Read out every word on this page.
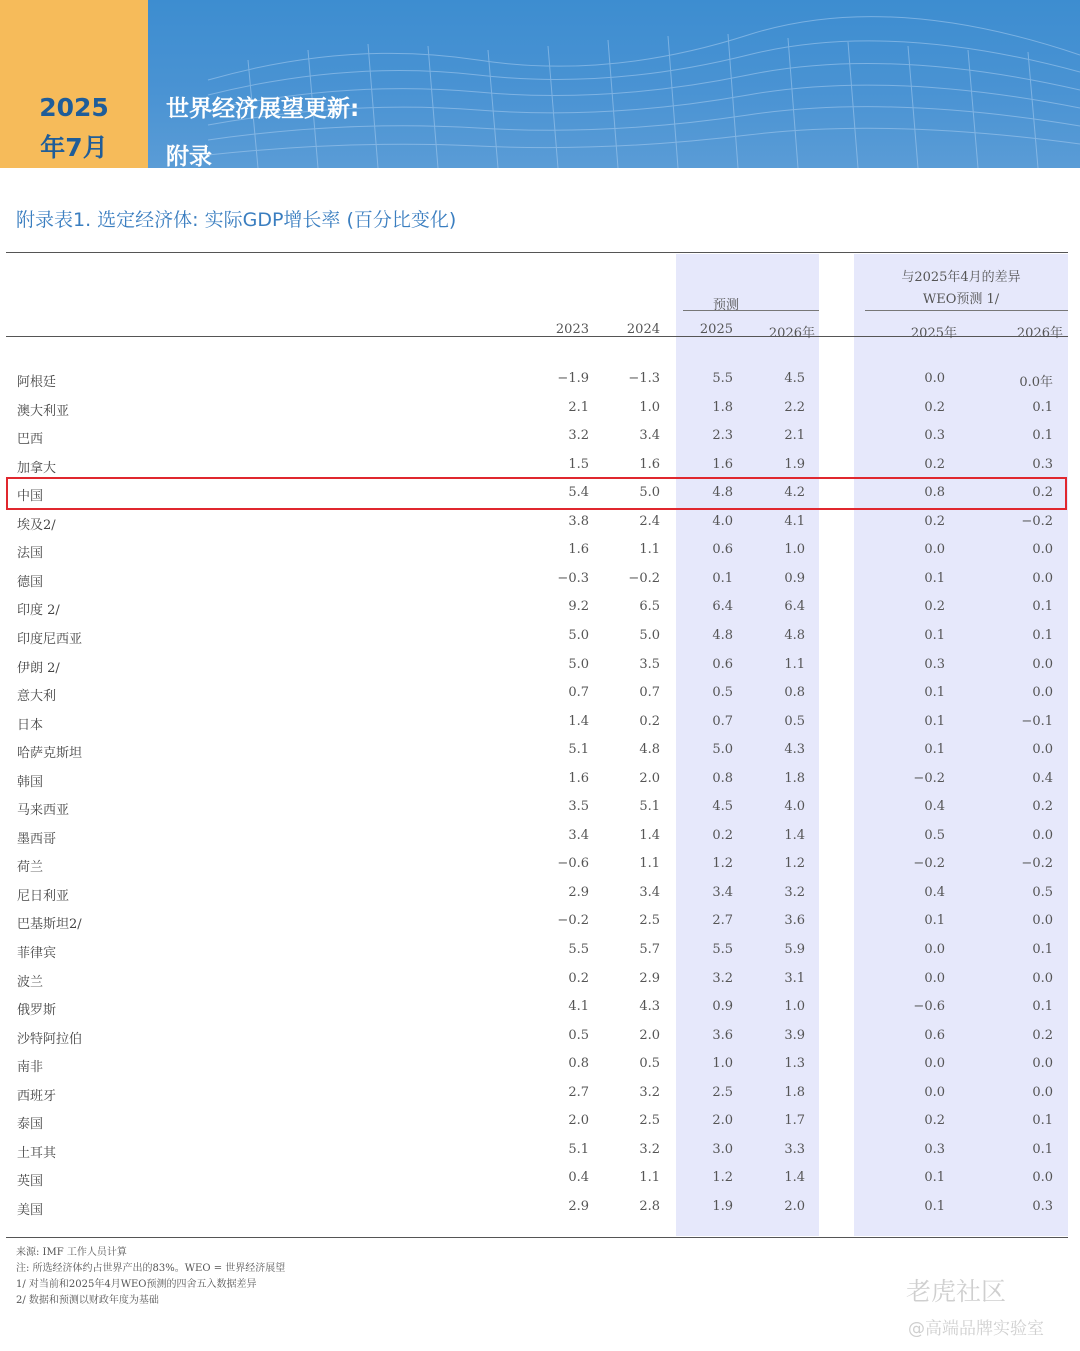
2025
年7月
世界经济展望更新:
附录
附录表1. 选定经济体: 实际GDP增长率 (百分比变化)
预测
与2025年4月的差异
WEO预测 1/
2023	2024	2025	2026年	2025年	2026年
阿根廷	−1.9	−1.3	5.5	4.5	0.0	0.0年
澳大利亚	2.1	1.0	1.8	2.2	0.2	0.1
巴西	3.2	3.4	2.3	2.1	0.3	0.1
加拿大	1.5	1.6	1.6	1.9	0.2	0.3
中国	5.4	5.0	4.8	4.2	0.8	0.2
埃及2/	3.8	2.4	4.0	4.1	0.2	−0.2
法国	1.6	1.1	0.6	1.0	0.0	0.0
德国	−0.3	−0.2	0.1	0.9	0.1	0.0
印度 2/	9.2	6.5	6.4	6.4	0.2	0.1
印度尼西亚	5.0	5.0	4.8	4.8	0.1	0.1
伊朗 2/	5.0	3.5	0.6	1.1	0.3	0.0
意大利	0.7	0.7	0.5	0.8	0.1	0.0
日本	1.4	0.2	0.7	0.5	0.1	−0.1
哈萨克斯坦	5.1	4.8	5.0	4.3	0.1	0.0
韩国	1.6	2.0	0.8	1.8	−0.2	0.4
马来西亚	3.5	5.1	4.5	4.0	0.4	0.2
墨西哥	3.4	1.4	0.2	1.4	0.5	0.0
荷兰	−0.6	1.1	1.2	1.2	−0.2	−0.2
尼日利亚	2.9	3.4	3.4	3.2	0.4	0.5
巴基斯坦2/	−0.2	2.5	2.7	3.6	0.1	0.0
菲律宾	5.5	5.7	5.5	5.9	0.0	0.1
波兰	0.2	2.9	3.2	3.1	0.0	0.0
俄罗斯	4.1	4.3	0.9	1.0	−0.6	0.1
沙特阿拉伯	0.5	2.0	3.6	3.9	0.6	0.2
南非	0.8	0.5	1.0	1.3	0.0	0.0
西班牙	2.7	3.2	2.5	1.8	0.0	0.0
泰国	2.0	2.5	2.0	1.7	0.2	0.1
土耳其	5.1	3.2	3.0	3.3	0.3	0.1
英国	0.4	1.1	1.2	1.4	0.1	0.0
美国	2.9	2.8	1.9	2.0	0.1	0.3
来源: IMF 工作人员计算
注: 所选经济体约占世界产出的83%。WEO = 世界经济展望
1/ 对当前和2025年4月WEO预测的四舍五入数据差异
2/ 数据和预测以财政年度为基础	老虎社区
@高端品牌实验室
